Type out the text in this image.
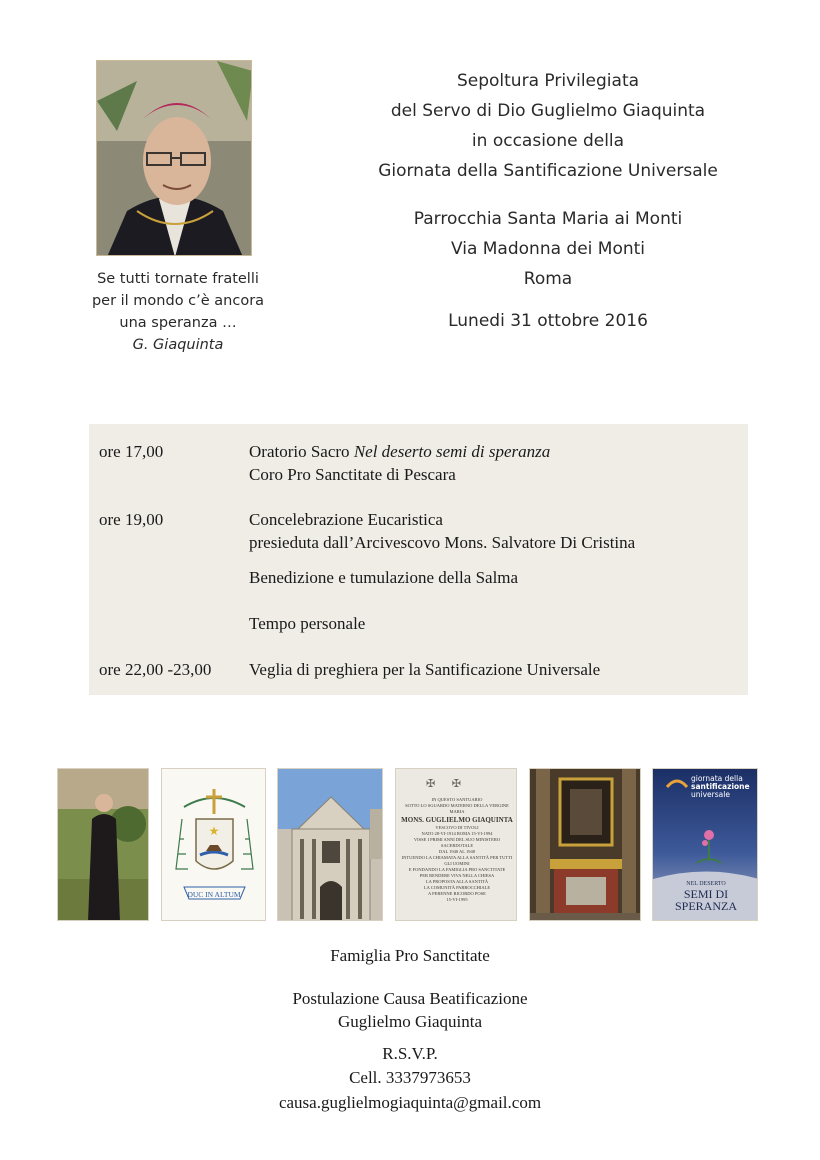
Se tutti tornate fratelli
per il mondo c’è ancora
una speranza …
G. Giaquinta
Sepoltura Privilegiata
del Servo di Dio Guglielmo Giaquinta
in occasione della
Giornata della Santificazione Universale
Parrocchia Santa Maria ai Monti
Via Madonna dei Monti
Roma
Lunedi 31 ottobre 2016
ore 17,00	Oratorio Sacro Nel deserto semi di speranza
Coro Pro Sanctitate di Pescara
ore 19,00	Concelebrazione Eucaristica
presieduta dall’Arcivescovo Mons. Salvatore Di Cristina
Benedizione e tumulazione della Salma
Tempo personale
ore 22,00 -23,00 Veglia di preghiera per la Santificazione Universale
★
DUC IN ALTUM
✠      ✠
IN QUESTO SANTUARIO
SOTTO LO SGUARDO MATERNO DELLA VERGINE MARIA
MONS. GUGLIELMO GIAQUINTA
VESCOVO DI TIVOLI
NATO 28-VI-1914 ROMA 15-VI-1994
VISSE I PRIMI ANNI DEL SUO MINISTERO SACERDOTALE
DAL 1940 AL 1948
INTUENDO LA CHIAMATA ALLA SANTITÀ PER TUTTI GLI UOMINI
E FONDANDO LA FAMIGLIA PRO SANCTITATE
PER RENDERE VIVA NELLA CHIESA
LA PROPOSTA ALLA SANTITÀ
LA COMUNITÀ PARROCCHIALE
A PERENNE RICORDO POSE
15-VI-1995
giornata della
santificazione
universale
NEL DESERTO
SEMI DI
SPERANZA
Famiglia Pro Sanctitate
Postulazione Causa Beatificazione
Guglielmo Giaquinta
R.S.V.P.
Cell. 3337973653
causa.guglielmogiaquinta@gmail.com
